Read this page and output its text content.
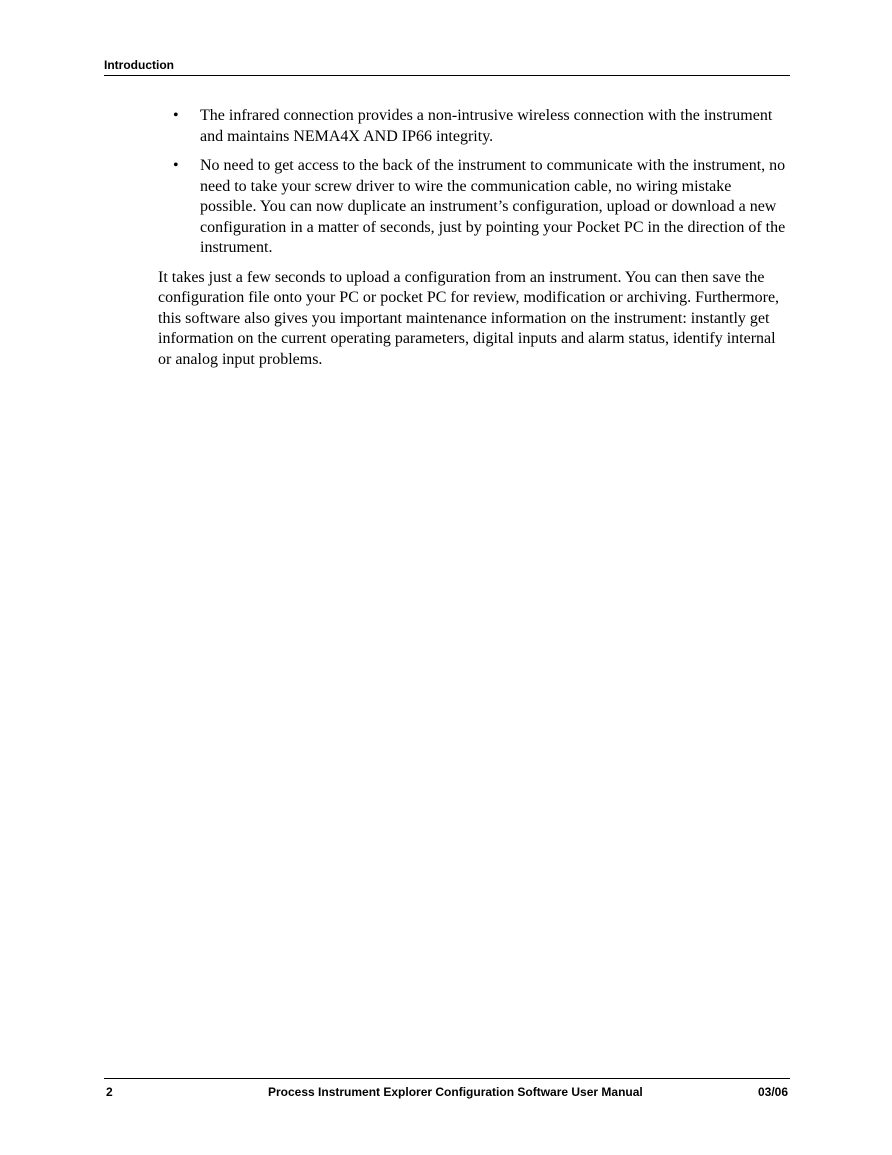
Introduction
• The infrared connection provides a non-intrusive wireless connection with the instrument and maintains NEMA4X AND IP66 integrity.
• No need to get access to the back of the instrument to communicate with the instrument, no need to take your screw driver to wire the communication cable, no wiring mistake possible. You can now duplicate an instrument’s configuration, upload or download a new configuration in a matter of seconds, just by pointing your Pocket PC in the direction of the instrument.

It takes just a few seconds to upload a configuration from an instrument. You can then save the configuration file onto your PC or pocket PC for review, modification or archiving. Furthermore, this software also gives you important maintenance information on the instrument: instantly get information on the current operating parameters, digital inputs and alarm status, identify internal or analog input problems.

2	Process Instrument Explorer Configuration Software User Manual	03/06
